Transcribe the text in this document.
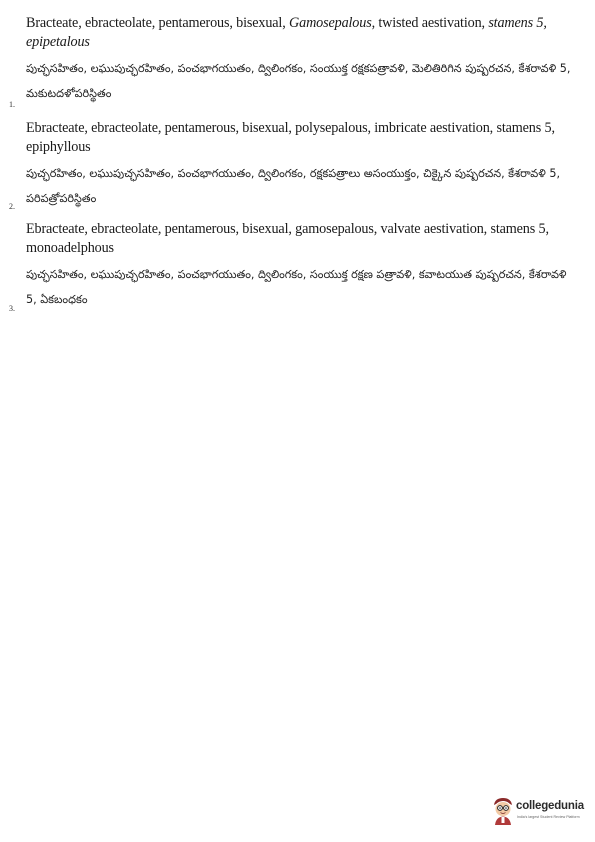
1.

Bracteate, ebracteolate, pentamerous, bisexual, Gamosepalous, twisted aestivation, stamens 5, epipetalous

పుచ్ఛసహితం, లఘుపుచ్ఛరహితం, పంచభాగయుతం, ద్విలింగకం, సంయుక్త రక్షకపత్రావళి, మెలితిరిగిన పుష్పరచన, కేశరావళి 5, మకుటదళోపరిస్థితం

2.

Ebracteate, ebracteolate, pentamerous, bisexual, polysepalous, imbricate aestivation, stamens 5, epiphyllous

పుచ్ఛరహితం, లఘుపుచ్ఛసహితం, పంచభాగయుతం, ద్విలింగకం, రక్షకపత్రాలు అసంయుక్తం, చిక్కైన పుష్పరచన, కేశరావళి 5, పరిపత్రోపరిస్థితం

3.

Ebracteate, ebracteolate, pentamerous, bisexual, gamosepalous, valvate aestivation, stamens 5, monoadelphous

పుచ్ఛసహితం, లఘుపుచ్ఛరహితం, పంచభాగయుతం, ద్విలింగకం, సంయుక్త రక్షణ పత్రావళి, కవాటయుత పుష్పరచన, కేశరావళి 5, ఏకబంధకం

collegedunia
India's largest Student Review Platform
